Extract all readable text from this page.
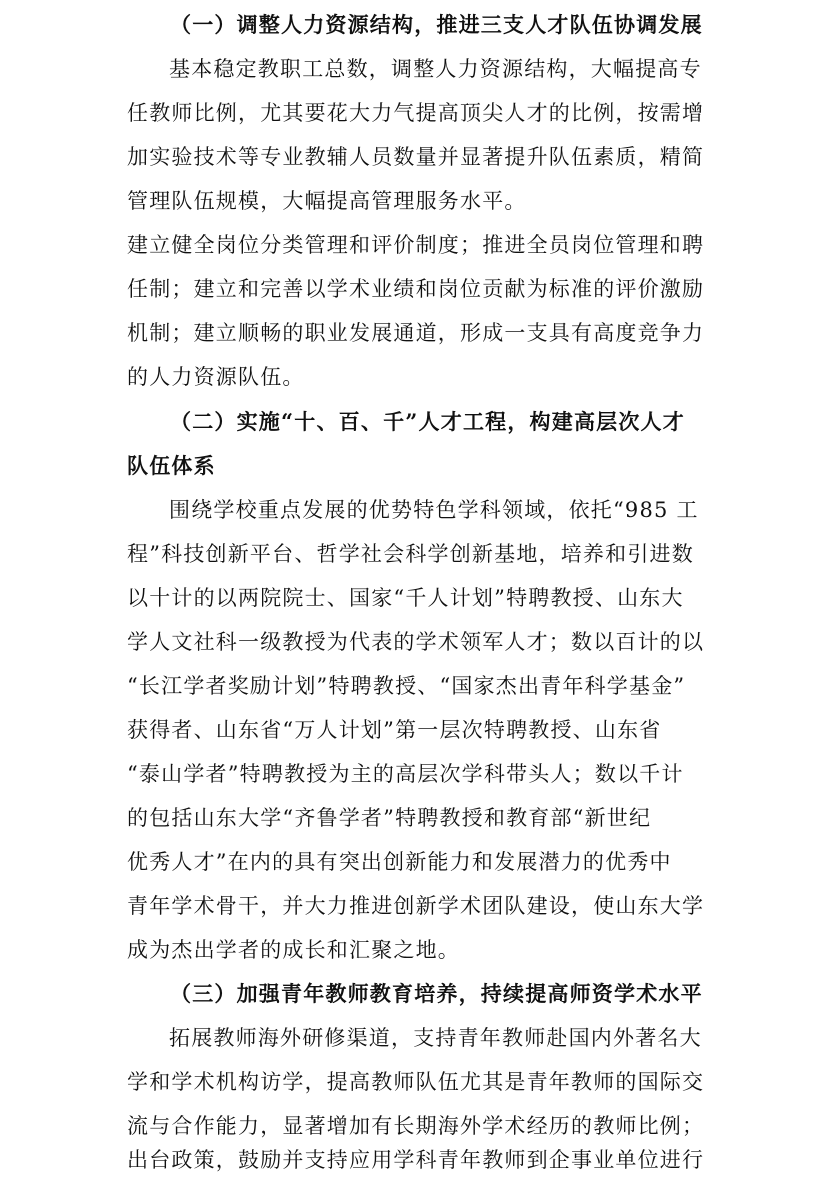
（一）调整人力资源结构，推进三支人才队伍协调发展
基本稳定教职工总数，调整人力资源结构，大幅提高专
任教师比例，尤其要花大力气提高顶尖人才的比例，按需增
加实验技术等专业教辅人员数量并显著提升队伍素质，精简
管理队伍规模，大幅提高管理服务水平。
建立健全岗位分类管理和评价制度；推进全员岗位管理和聘
任制；建立和完善以学术业绩和岗位贡献为标准的评价激励
机制；建立顺畅的职业发展通道，形成一支具有高度竞争力
的人力资源队伍。
（二）实施“十、百、千”人才工程，构建高层次人才
队伍体系
围绕学校重点发展的优势特色学科领域，依托“985 工
程”科技创新平台、哲学社会科学创新基地，培养和引进数
以十计的以两院院士、国家“千人计划”特聘教授、山东大
学人文社科一级教授为代表的学术领军人才；数以百计的以
“长江学者奖励计划”特聘教授、“国家杰出青年科学基金”
获得者、山东省“万人计划”第一层次特聘教授、山东省
“泰山学者”特聘教授为主的高层次学科带头人；数以千计
的包括山东大学“齐鲁学者”特聘教授和教育部“新世纪
优秀人才”在内的具有突出创新能力和发展潜力的优秀中
青年学术骨干，并大力推进创新学术团队建设，使山东大学
成为杰出学者的成长和汇聚之地。
（三）加强青年教师教育培养，持续提高师资学术水平
拓展教师海外研修渠道，支持青年教师赴国内外著名大
学和学术机构访学，提高教师队伍尤其是青年教师的国际交
流与合作能力，显著增加有长期海外学术经历的教师比例；
出台政策，鼓励并支持应用学科青年教师到企事业单位进行
